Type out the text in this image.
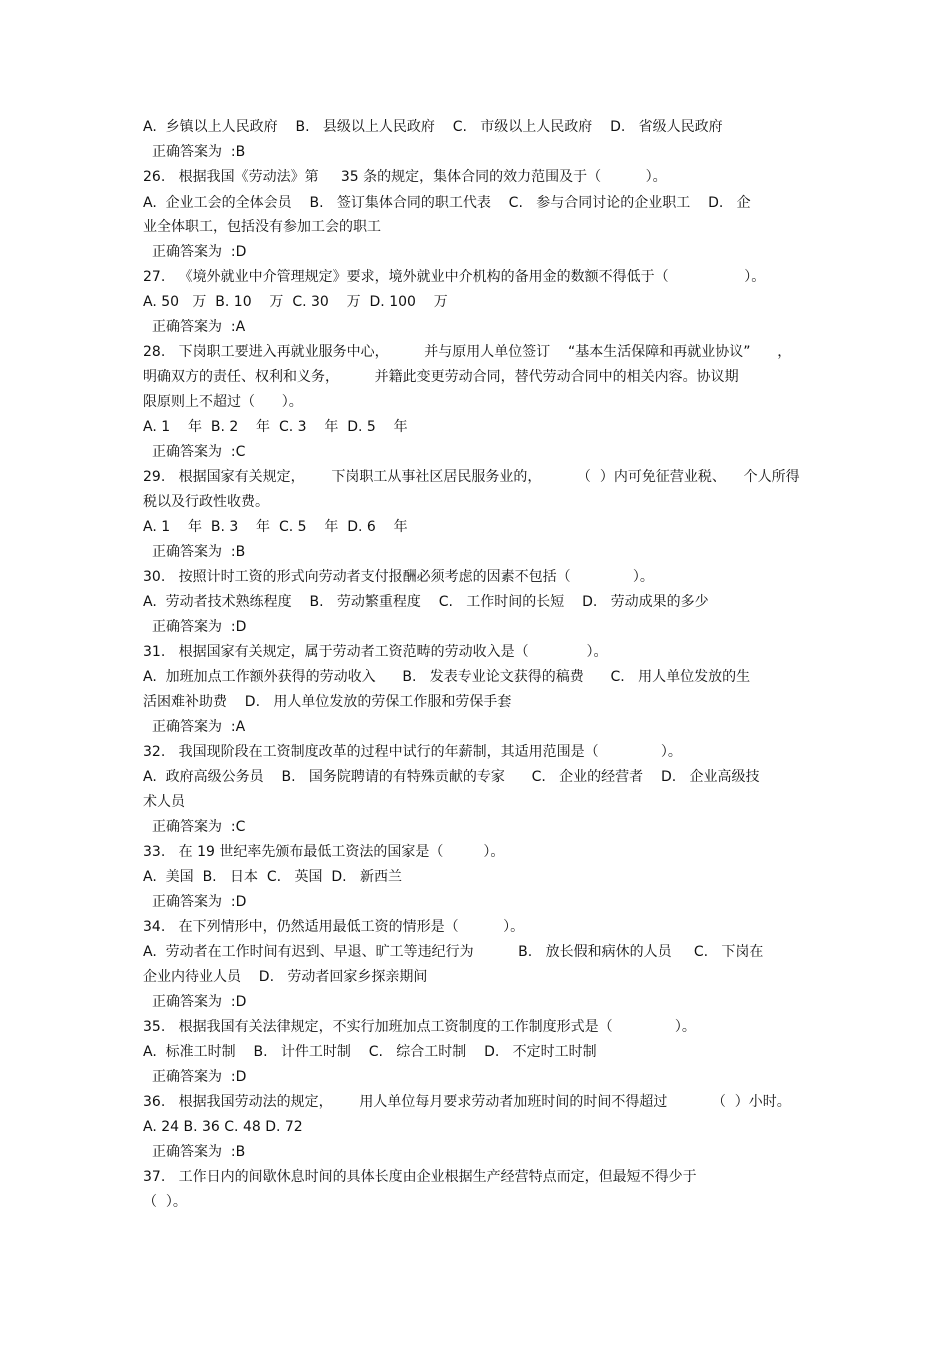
A.  乡镇以上人民政府    B.   县级以上人民政府    C.   市级以上人民政府    D.   省级人民政府
正确答案为  :B
26.   根据我国《劳动法》第     35 条的规定，集体合同的效力范围及于（          ）。
A.  企业工会的全体会员    B.   签订集体合同的职工代表    C.   参与合同讨论的企业职工    D.   企
业全体职工，包括没有参加工会的职工
正确答案为  :D
27.   《境外就业中介管理规定》要求，境外就业中介机构的备用金的数额不得低于（                 ）。
A. 50   万  B. 10    万  C. 30    万  D. 100    万
正确答案为  :A
28.   下岗职工要进入再就业服务中心，        并与原用人单位签订    “基本生活保障和再就业协议”      ，
明确双方的责任、权利和义务，        并籍此变更劳动合同，替代劳动合同中的相关内容。协议期
限原则上不超过（      ）。
A. 1    年  B. 2    年  C. 3    年  D. 5    年
正确答案为  :C
29.   根据国家有关规定，      下岗职工从事社区居民服务业的，        （  ）内可免征营业税、    个人所得
税以及行政性收费。
A. 1    年  B. 3    年  C. 5    年  D. 6    年
正确答案为  :B
30.   按照计时工资的形式向劳动者支付报酬必须考虑的因素不包括（              ）。
A.  劳动者技术熟练程度    B.   劳动繁重程度    C.   工作时间的长短    D.   劳动成果的多少
正确答案为  :D
31.   根据国家有关规定，属于劳动者工资范畴的劳动收入是（             ）。
A.  加班加点工作额外获得的劳动收入      B.   发表专业论文获得的稿费      C.   用人单位发放的生
活困难补助费    D.   用人单位发放的劳保工作服和劳保手套
正确答案为  :A
32.   我国现阶段在工资制度改革的过程中试行的年薪制，其适用范围是（              ）。
A.  政府高级公务员    B.   国务院聘请的有特殊贡献的专家      C.   企业的经营者    D.   企业高级技
术人员
正确答案为  :C
33.   在 19 世纪率先颁布最低工资法的国家是（         ）。
A.  美国  B.   日本  C.   英国  D.   新西兰
正确答案为  :D
34.   在下列情形中，仍然适用最低工资的情形是（          ）。
A.  劳动者在工作时间有迟到、早退、旷工等违纪行为          B.   放长假和病休的人员     C.   下岗在
企业内待业人员    D.   劳动者回家乡探亲期间
正确答案为  :D
35.   根据我国有关法律规定，不实行加班加点工资制度的工作制度形式是（              ）。
A.  标准工时制    B.   计件工时制    C.   综合工时制    D.   不定时工时制
正确答案为  :D
36.   根据我国劳动法的规定，      用人单位每月要求劳动者加班时间的时间不得超过          （  ）小时。
A. 24 B. 36 C. 48 D. 72
正确答案为  :B
37.   工作日内的间歇休息时间的具体长度由企业根据生产经营特点而定，但最短不得少于
（  ）。
